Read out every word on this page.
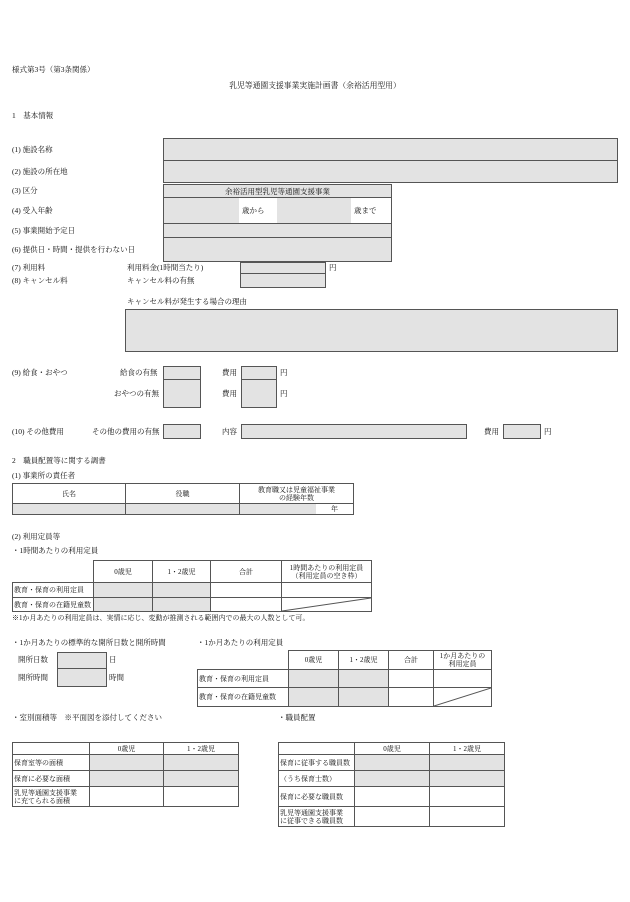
様式第3号（第3条関係）
乳児等通園支援事業実施計画書（余裕活用型用）
1　基本情報
(1) 施設名称
(2) 施設の所在地
(3) 区分	余裕活用型乳児等通園支援事業
(4) 受入年齢	歳から	歳まで
(5) 事業開始予定日
(6) 提供日・時間・提供を行わない日
(7) 利用料	利用料金(1時間当たり)	円
(8) キャンセル料	キャンセル料の有無
キャンセル料が発生する場合の理由
(9) 給食・おやつ	給食の有無	費用	円
おやつの有無	費用	円
(10) その他費用	その他の費用の有無	内容	費用	円
2　職員配置等に関する調書
(1) 事業所の責任者
氏名	役職	教育職又は児童福祉事業
の経験年数

		年
(2) 利用定員等
・1時間あたりの利用定員
	0歳児	1・2歳児	合計	1時間あたりの利用定員
（利用定員の空き枠）
教育・保育の利用定員				
教育・保育の在籍児童数				
※1か月あたりの利用定員は、実情に応じ、変動が推測される範囲内での最大の人数として可。
・1か月あたりの標準的な開所日数と開所時間	・1か月あたりの利用定員
開所日数	日
開所時間	時間
	0歳児	1・2歳児	合計	1か月あたりの
利用定員
教育・保育の利用定員				
教育・保育の在籍児童数				
・室別面積等　※平面図を添付してください	・職員配置
	0歳児	1・2歳児
保育室等の面積		
保育に必要な面積		
乳児等通園支援事業
に充てられる面積		
	0歳児	1・2歳児
保育に従事する職員数		
（うち保育士数）		
保育に必要な職員数		
乳児等通園支援事業
に従事できる職員数		
